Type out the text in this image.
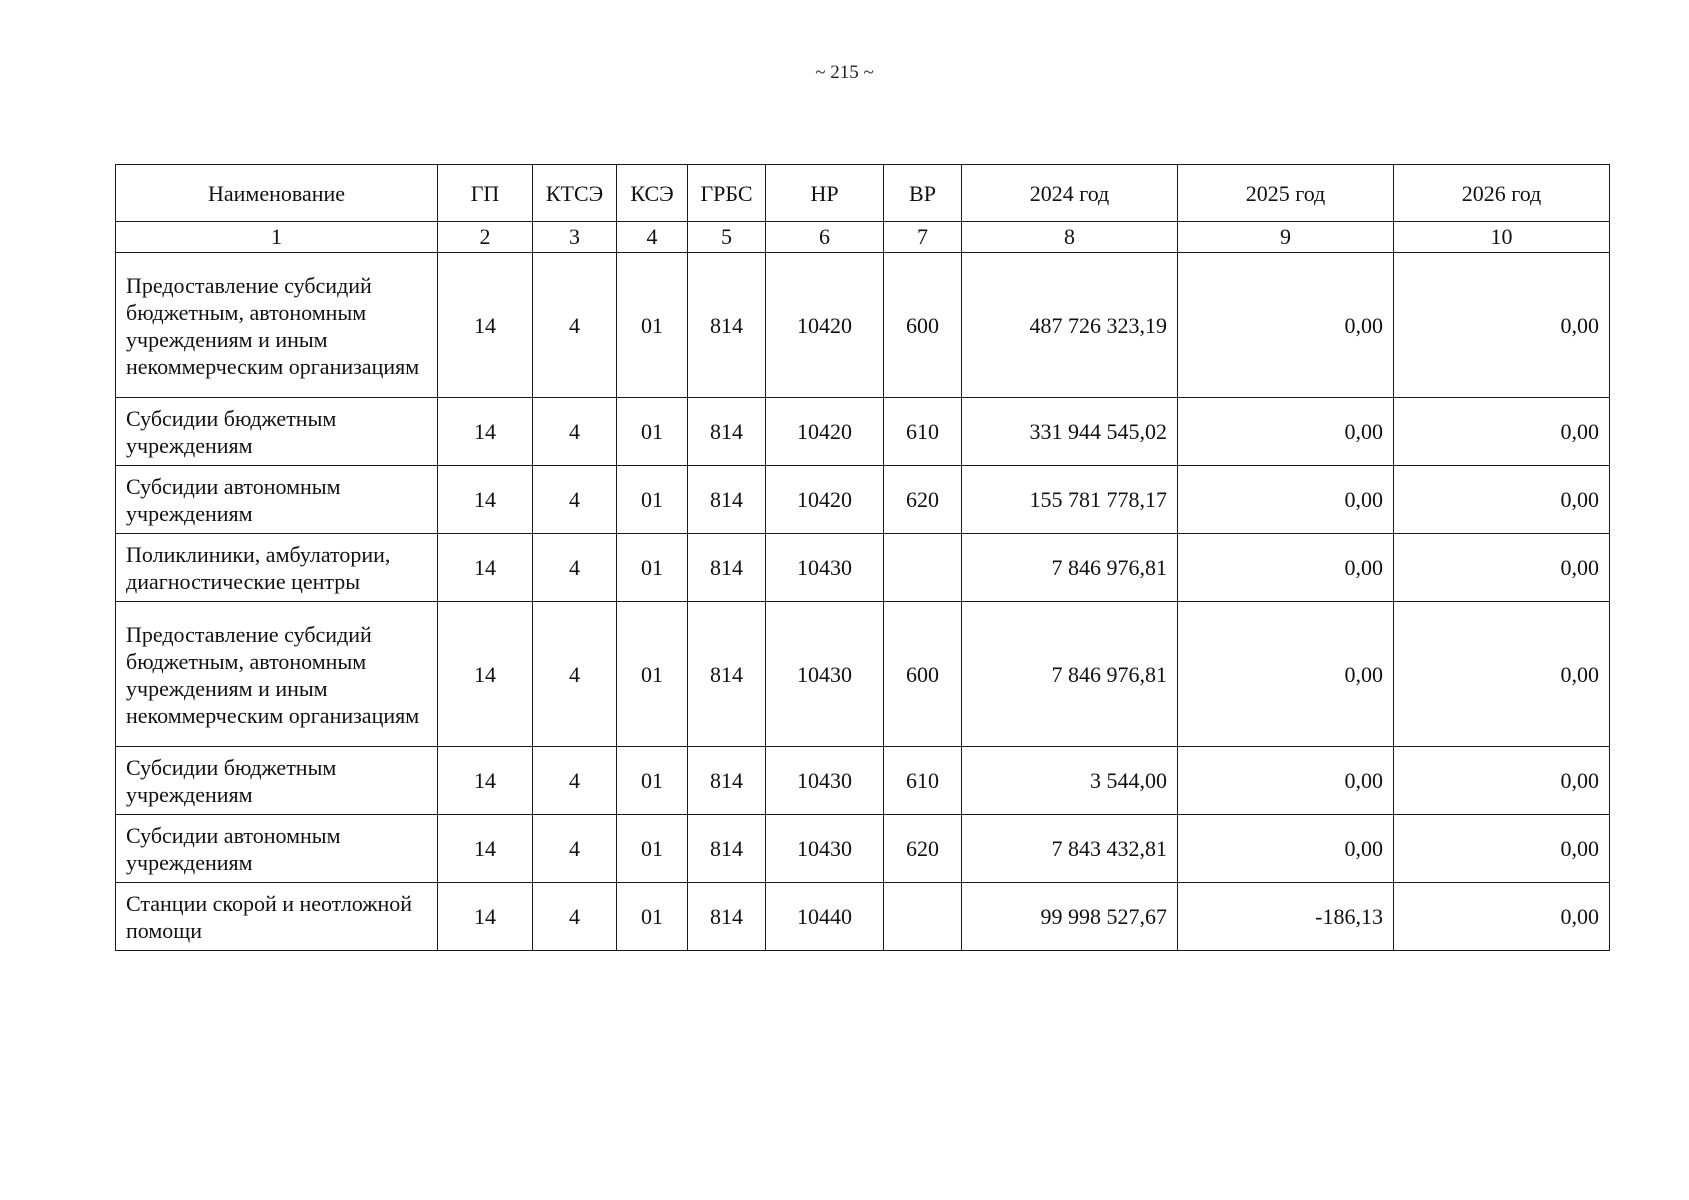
~ 215 ~
Наименование	ГП	КТСЭ	КСЭ	ГРБС	НР	ВР	2024 год	2025 год	2026 год
1	2	3	4	5	6	7	8	9	10
Предоставление субсидий бюджетным, автономным учреждениям и иным некоммерческим организациям	14	4	01	814	10420	600	487 726 323,19	0,00	0,00
Субсидии бюджетным учреждениям	14	4	01	814	10420	610	331 944 545,02	0,00	0,00
Субсидии автономным учреждениям	14	4	01	814	10420	620	155 781 778,17	0,00	0,00
Поликлиники, амбулатории, диагностические центры	14	4	01	814	10430		7 846 976,81	0,00	0,00
Предоставление субсидий бюджетным, автономным учреждениям и иным некоммерческим организациям	14	4	01	814	10430	600	7 846 976,81	0,00	0,00
Субсидии бюджетным учреждениям	14	4	01	814	10430	610	3 544,00	0,00	0,00
Субсидии автономным учреждениям	14	4	01	814	10430	620	7 843 432,81	0,00	0,00
Станции скорой и неотложной помощи	14	4	01	814	10440		99 998 527,67	-186,13	0,00
